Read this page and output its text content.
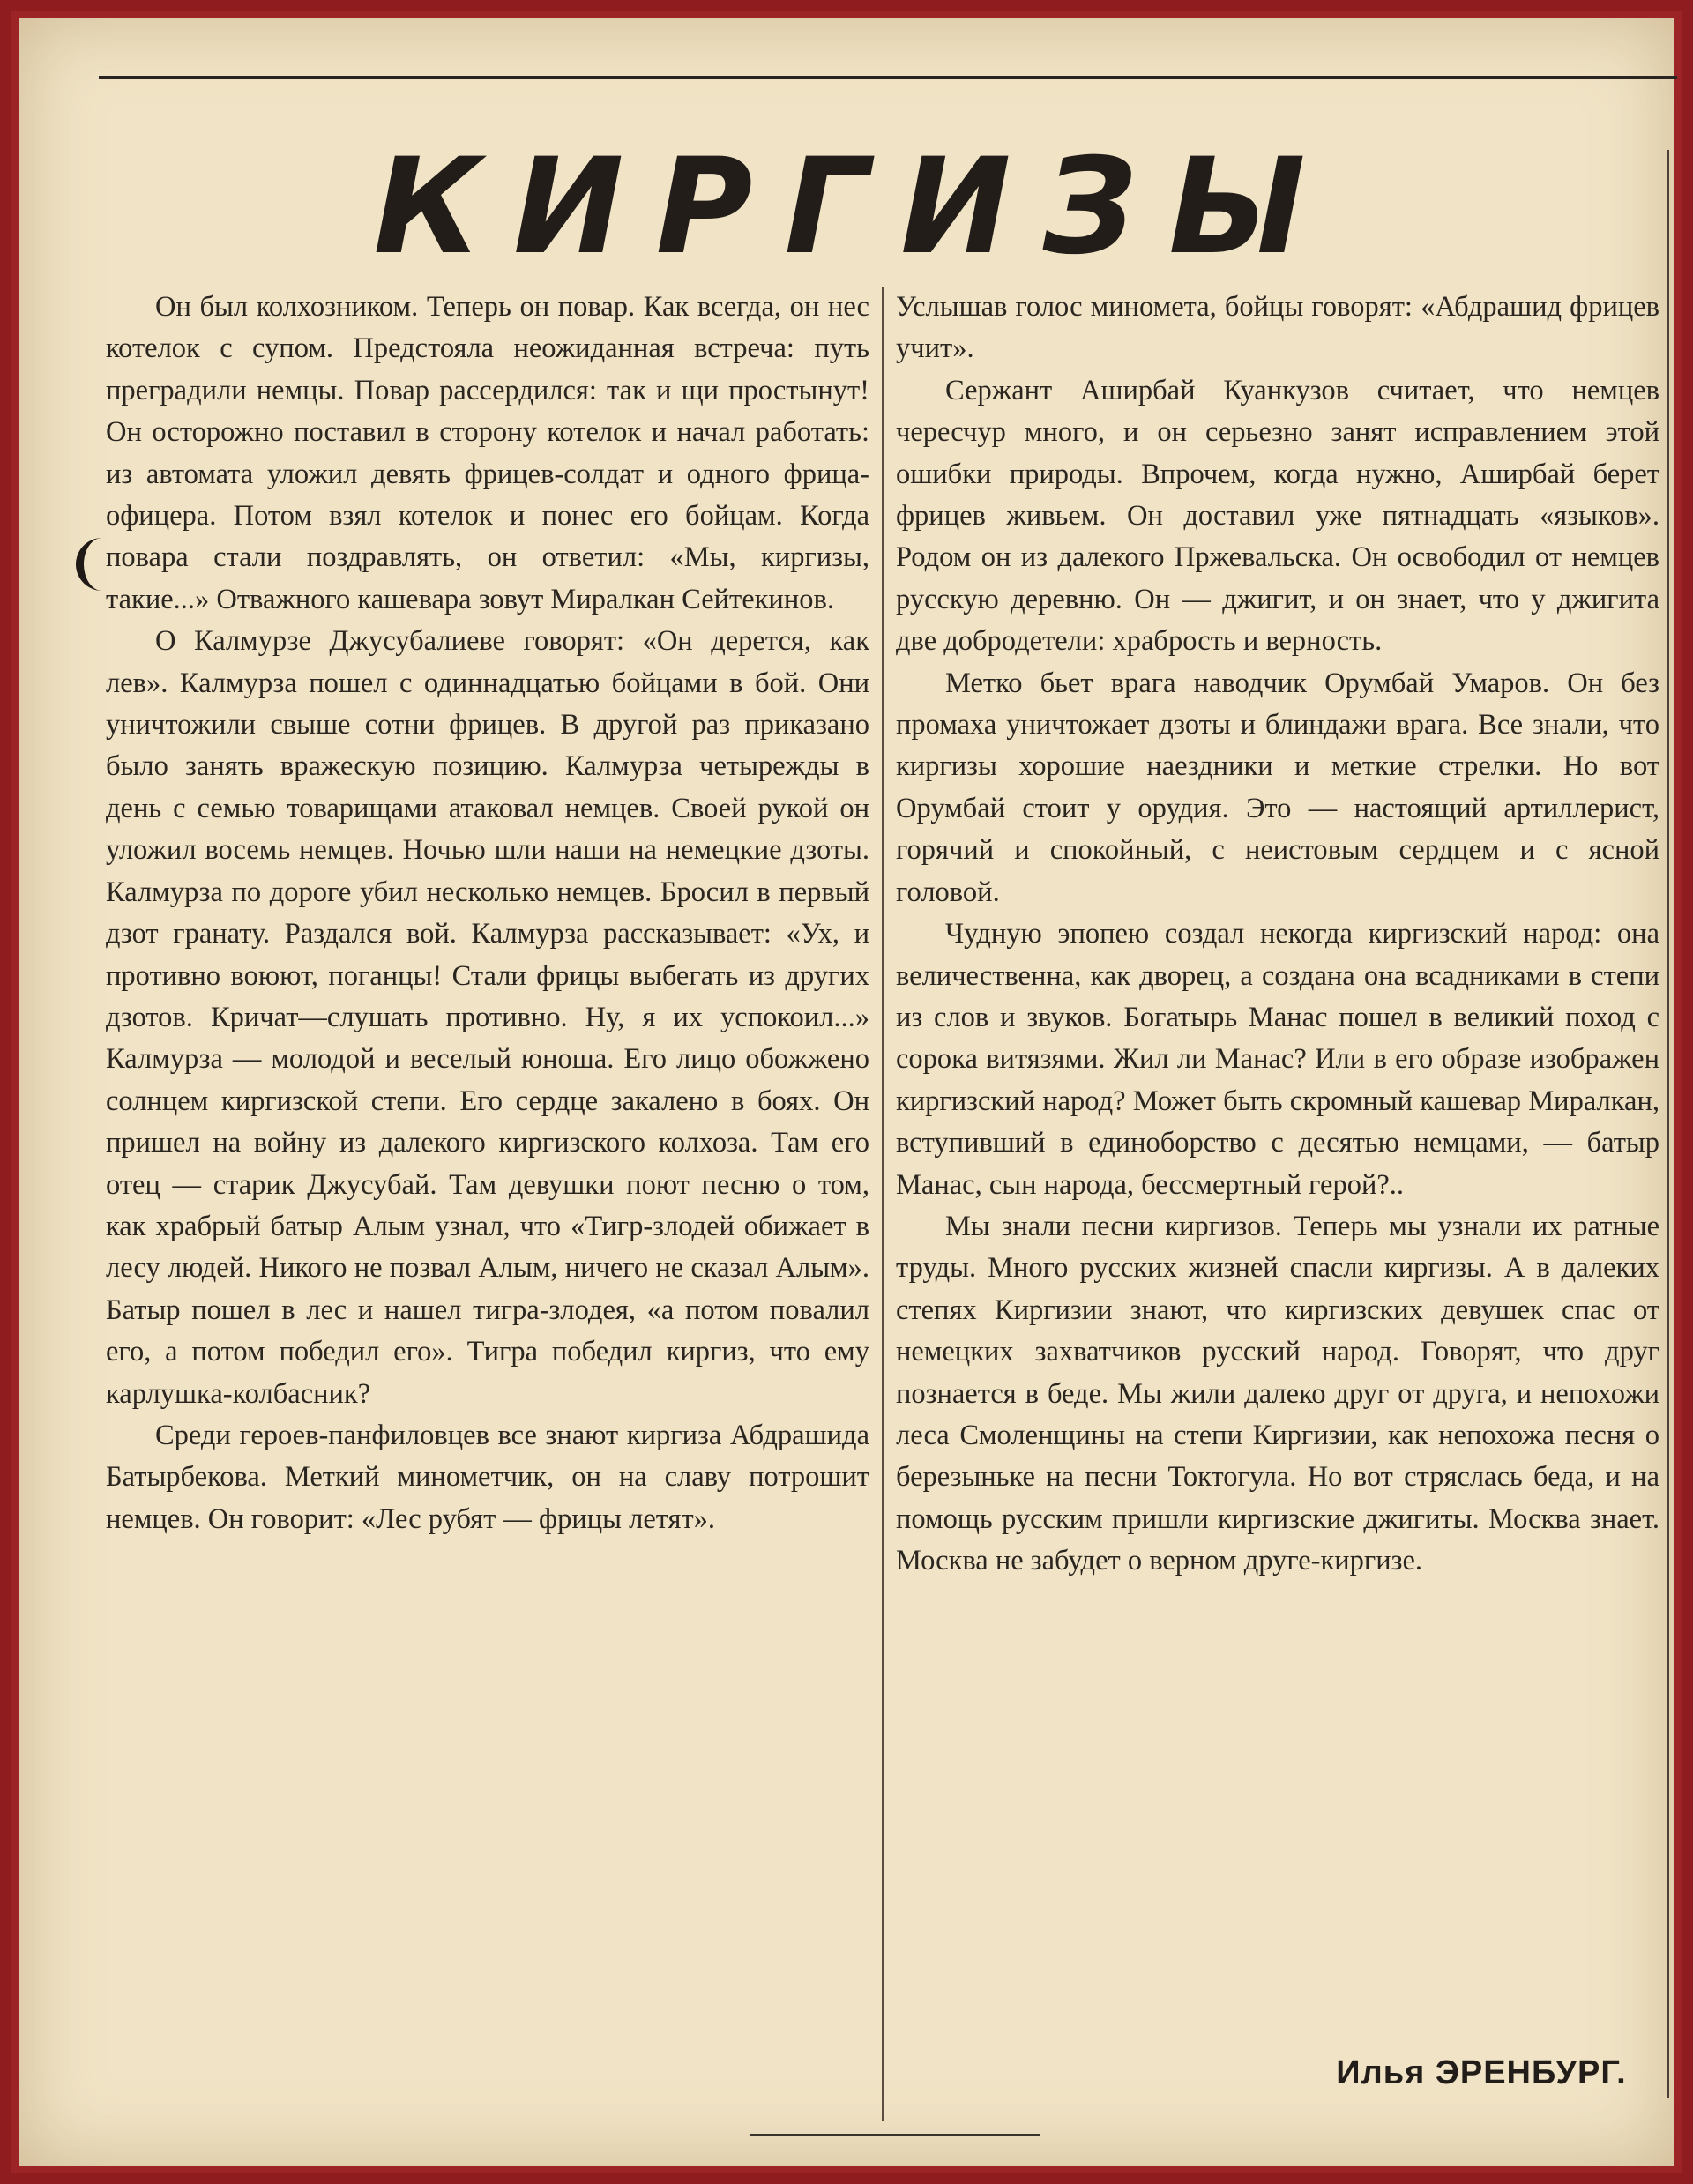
КИРГИЗЫ

Он был колхозником. Теперь он повар. Как всегда, он нес котелок с супом. Предстояла неожиданная встреча: путь преградили немцы. Повар рассердился: так и щи простынут! Он осторожно поставил в сторону котелок и начал работать: из автомата уложил девять фрицев-солдат и одного фрица-офицера. Потом взял котелок и понес его бойцам. Когда повара стали поздравлять, он ответил: «Мы, киргизы, такие...» Отважного кашевара зовут Миралкан Сейтекинов.

О Калмурзе Джусубалиеве говорят: «Он дерется, как лев». Калмурза пошел с одиннадцатью бойцами в бой. Они уничтожили свыше сотни фрицев. В другой раз приказано было занять вражескую позицию. Калмурза четырежды в день с семью товарищами атаковал немцев. Своей рукой он уложил восемь немцев. Ночью шли наши на немецкие дзоты. Калмурза по дороге убил несколько немцев. Бросил в первый дзот гранату. Раздался вой. Калмурза рассказывает: «Ух, и противно воюют, поганцы! Стали фрицы выбегать из других дзотов. Кричат—слушать противно. Ну, я их успокоил...» Калмурза — молодой и веселый юноша. Его лицо обожжено солнцем киргизской степи. Его сердце закалено в боях. Он пришел на войну из далекого киргизского колхоза. Там его отец — старик Джусубай. Там девушки поют песню о том, как храбрый батыр Алым узнал, что «Тигр-злодей обижает в лесу людей. Никого не позвал Алым, ничего не сказал Алым». Батыр пошел в лес и нашел тигра-злодея, «а потом повалил его, а потом победил его». Тигра победил киргиз, что ему карлушка-колбасник?

Среди героев-панфиловцев все знают киргиза Абдрашида Батырбекова. Меткий минометчик, он на славу потрошит немцев. Он говорит: «Лес рубят — фрицы летят».

Услышав голос миномета, бойцы говорят: «Абдрашид фрицев учит».

Сержант Аширбай Куанкузов считает, что немцев чересчур много, и он серьезно занят исправлением этой ошибки природы. Впрочем, когда нужно, Аширбай берет фрицев живьем. Он доставил уже пятнадцать «языков». Родом он из далекого Пржевальска. Он освободил от немцев русскую деревню. Он — джигит, и он знает, что у джигита две добродетели: храбрость и верность.

Метко бьет врага наводчик Орумбай Умаров. Он без промаха уничтожает дзоты и блиндажи врага. Все знали, что киргизы хорошие наездники и меткие стрелки. Но вот Орумбай стоит у орудия. Это — настоящий артиллерист, горячий и спокойный, с неистовым сердцем и с ясной головой.

Чудную эпопею создал некогда киргизский народ: она величественна, как дворец, а создана она всадниками в степи из слов и звуков. Богатырь Манас пошел в великий поход с сорока витязями. Жил ли Манас? Или в его образе изображен киргизский народ? Может быть скромный кашевар Миралкан, вступивший в единоборство с десятью немцами, — батыр Манас, сын народа, бессмертный герой?..

Мы знали песни киргизов. Теперь мы узнали их ратные труды. Много русских жизней спасли киргизы. А в далеких степях Киргизии знают, что киргизских девушек спас от немецких захватчиков русский народ. Говорят, что друг познается в беде. Мы жили далеко друг от друга, и непохожи леса Смоленщины на степи Киргизии, как непохожа песня о березыньке на песни Токтогула. Но вот стряслась беда, и на помощь русским пришли киргизские джигиты. Москва знает. Москва не забудет о верном друге-киргизе.

Илья ЭРЕНБУРГ.
